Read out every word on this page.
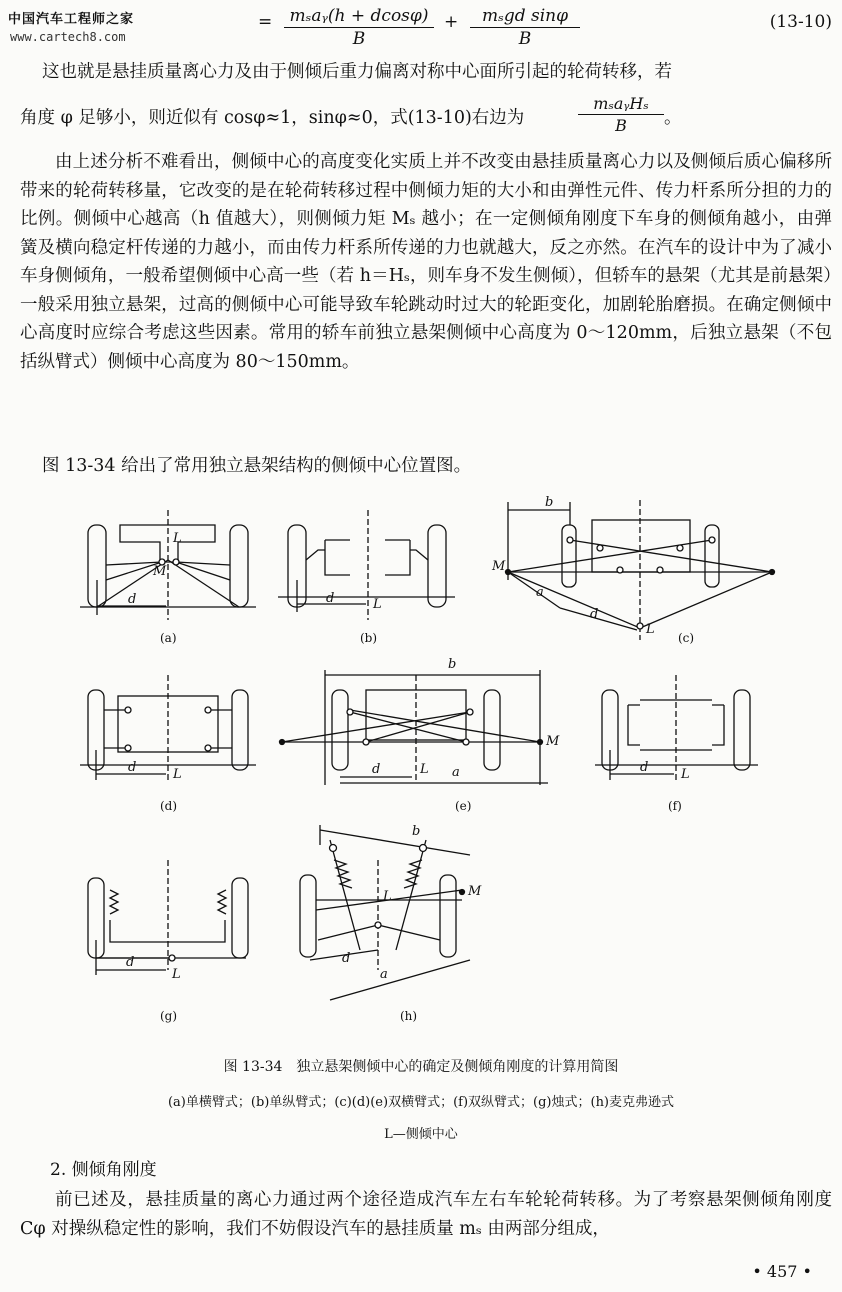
中国汽车工程师之家
www.cartech8.com
=	mₛaᵧ(h + dcosφ)
B
+	mₛgd sinφ
B
(13-10)
这也就是悬挂质量离心力及由于侧倾后重力偏离对称中心面所引起的轮荷转移，若
角度 φ 足够小，则近似有 cosφ≈1，sinφ≈0，式(13-10)右边为
mₛaᵧHₛ
B	。
由上述分析不难看出，侧倾中心的高度变化实质上并不改变由悬挂质量离心力以及侧倾后质心偏移所带来的轮荷转移量，它改变的是在轮荷转移过程中侧倾力矩的大小和由弹性元件、传力杆系所分担的力的比例。侧倾中心越高（h 值越大），则侧倾力矩 Mₛ 越小；在一定侧倾角刚度下车身的侧倾角越小，由弹簧及横向稳定杆传递的力越小，而由传力杆系所传递的力也就越大，反之亦然。在汽车的设计中为了减小车身侧倾角，一般希望侧倾中心高一些（若 h＝Hₛ，则车身不发生侧倾），但轿车的悬架（尤其是前悬架）一般采用独立悬架，过高的侧倾中心可能导致车轮跳动时过大的轮距变化，加剧轮胎磨损。在确定侧倾中心高度时应综合考虑这些因素。常用的轿车前独立悬架侧倾中心高度为 0～120mm，后独立悬架（不包括纵臂式）侧倾中心高度为 80～150mm。
图 13-34 给出了常用独立悬架结构的侧倾中心位置图。
L
M
d	d	L
b
M
a
d
L
d	L
b
M
d	L a	d	L
d
L
b
L	M
d
a
(a)	(b)	(c)
(d)	(e)	(f)
(g)	(h)
图 13-34　独立悬架侧倾中心的确定及侧倾角刚度的计算用简图
(a)单横臂式；(b)单纵臂式；(c)(d)(e)双横臂式；(f)双纵臂式；(g)烛式；(h)麦克弗逊式
L—侧倾中心
2. 侧倾角刚度
前已述及，悬挂质量的离心力通过两个途径造成汽车左右车轮轮荷转移。为了考察悬架侧倾角刚度 Cφ 对操纵稳定性的影响，我们不妨假设汽车的悬挂质量 mₛ 由两部分组成，
• 457 •
